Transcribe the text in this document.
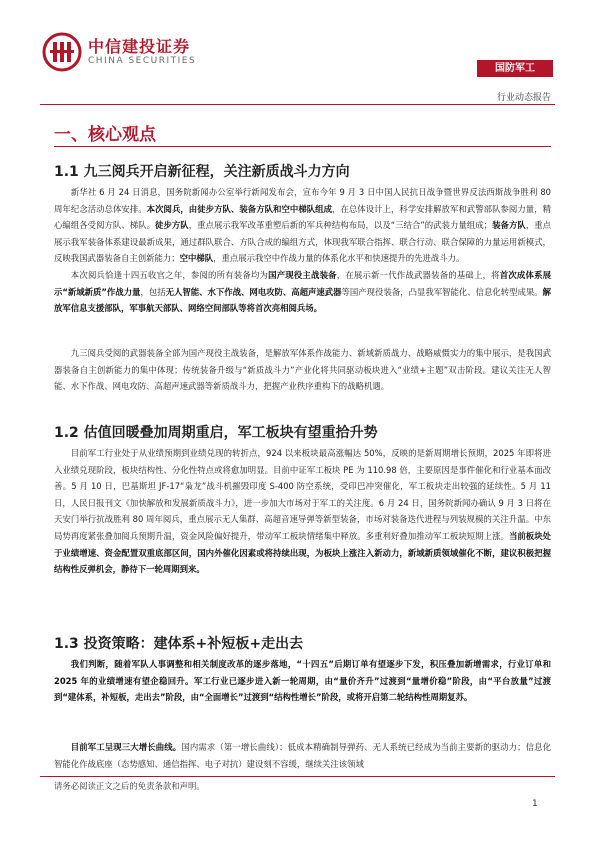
中信建投证券
CHINA SECURITIES
国防军工
行业动态报告
一、核心观点
1.1 九三阅兵开启新征程，关注新质战斗力方向

新华社 6 月 24 日消息，国务院新闻办公室举行新闻发布会，宣布今年 9 月 3 日中国人民抗日战争暨世界反法西斯战争胜利 80 周年纪念活动总体安排。本次阅兵，由徒步方队、装备方队和空中梯队组成，在总体设计上，科学安排解放军和武警部队参阅力量，精心编组各受阅方队、梯队。徒步方队，重点展示我军改革重塑后新的军兵种结构布局，以及“三结合”的武装力量组成；装备方队，重点展示我军装备体系建设最新成果，通过群队联合、方队合成的编组方式，体现我军联合指挥、联合行动、联合保障的力量运用新模式，反映我国武器装备自主创新能力；空中梯队，重点展示我空中作战力量的体系化水平和快速提升的先进战斗力。

本次阅兵恰逢十四五收官之年，参阅的所有装备均为国产现役主战装备，在展示新一代作战武器装备的基础上，将首次成体系展示“新域新质”作战力量，包括无人智能、水下作战、网电攻防、高超声速武器等国产现役装备，凸显我军智能化、信息化转型成果。解放军信息支援部队，军事航天部队、网络空间部队等将首次亮相阅兵场。

九三阅兵受阅的武器装备全部为国产现役主战装备，是解放军体系作战能力、新域新质战力、战略威慑实力的集中展示，是我国武器装备自主创新能力的集中体现；传统装备升级与“新质战斗力”产业化将共同驱动板块进入“业绩+主题”双击阶段。建议关注无人智能、水下作战、网电攻防、高超声速武器等新质战斗力，把握产业秩序重构下的战略机遇。

1.2 估值回暖叠加周期重启，军工板块有望重拾升势

目前军工行业处于从业绩预期到业绩兑现的转折点，924 以来板块最高涨幅达 50%，反映的是新周期增长预期，2025 年即将进入业绩兑现阶段，板块结构性、分化性特点或将愈加明显。目前中证军工板块 PE 为 110.98 倍，主要原因是事件催化和行业基本面改善。5 月 10 日，巴基斯坦 JF-17“枭龙”战斗机摧毁印度 S-400 防空系统，受印巴冲突催化，军工板块走出较强的延续性。5 月 11 日，人民日报刊文《加快解放和发展新质战斗力》，进一步加大市场对于军工的关注度。6 月 24 日，国务院新闻办确认 9 月 3 日将在天安门举行抗战胜利 80 周年阅兵，重点展示无人集群、高超音速导弹等新型装备，市场对装备迭代进程与列装规模的关注升温。中东局势再度紧张叠加阅兵预期升温，资金风险偏好提升，带动军工板块情绪集中释放。多重利好叠加推动军工板块短期上涨。当前板块处于业绩增速、资金配置双重底部区间，国内外催化因素或将持续出现，为板块上涨注入新动力，新域新质领域催化不断，建议积极把握结构性反弹机会，静待下一轮周期到来。

1.3 投资策略：建体系+补短板+走出去

我们判断，随着军队人事调整和相关制度改革的逐步落地，“十四五”后期订单有望逐步下发，积压叠加新增需求，行业订单和 2025 年的业绩增速有望企稳回升。军工行业已逐步进入新一轮周期，由“量价齐升”过渡到“量增价稳”阶段，由“平台放量”过渡到“建体系，补短板，走出去”阶段，由“全面增长”过渡到“结构性增长”阶段，或将开启第二轮结构性周期复苏。

目前军工呈现三大增长曲线。国内需求（第一增长曲线）：低成本精确制导弹药、无人系统已经成为当前主要新的驱动力；信息化智能化作战底座（态势感知、通信指挥、电子对抗）建设刻不容缓，继续关注该领域

请务必阅读正文之后的免责条款和声明。
1
